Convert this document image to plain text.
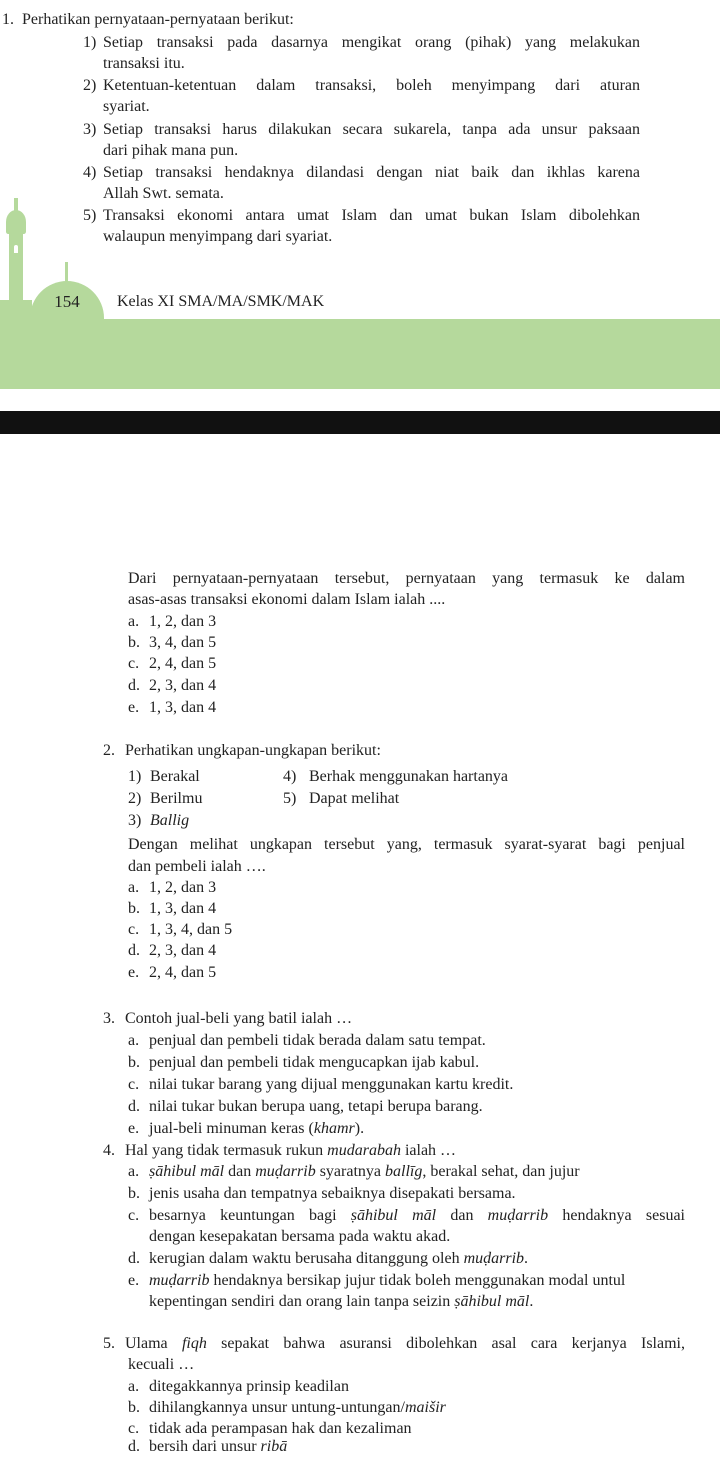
1. Perhatikan pernyataan-pernyataan berikut:
1) Setiap transaksi pada dasarnya mengikat orang (pihak) yang melakukan
transaksi itu.
2) Ketentuan-ketentuan dalam transaksi, boleh menyimpang dari aturan
syariat.
3) Setiap transaksi harus dilakukan secara sukarela, tanpa ada unsur paksaan
dari pihak mana pun.
4) Setiap transaksi hendaknya dilandasi dengan niat baik dan ikhlas karena
Allah Swt. semata.
5) Transaksi ekonomi antara umat Islam dan umat bukan Islam dibolehkan
walaupun menyimpang dari syariat.
154	Kelas XI SMA/MA/SMK/MAK
Dari pernyataan-pernyataan tersebut, pernyataan yang termasuk ke dalam
asas-asas transaksi ekonomi dalam Islam ialah ....
a. 1, 2, dan 3
b. 3, 4, dan 5
c. 2, 4, dan 5
d. 2, 3, dan 4
e. 1, 3, dan 4
2. Perhatikan ungkapan-ungkapan berikut:
1) Berakal	4) Berhak menggunakan hartanya
2) Berilmu	5) Dapat melihat
3) Ballig
Dengan melihat ungkapan tersebut yang, termasuk syarat-syarat bagi penjual
dan pembeli ialah ….
a. 1, 2, dan 3
b. 1, 3, dan 4
c. 1, 3, 4, dan 5
d. 2, 3, dan 4
e. 2, 4, dan 5
3. Contoh jual-beli yang batil ialah …
a. penjual dan pembeli tidak berada dalam satu tempat.
b. penjual dan pembeli tidak mengucapkan ijab kabul.
c. nilai tukar barang yang dijual menggunakan kartu kredit.
d. nilai tukar bukan berupa uang, tetapi berupa barang.
e. jual-beli minuman keras (khamr).
4. Hal yang tidak termasuk rukun mudarabah ialah …
a. ṣāhibul māl dan muḍarrib syaratnya ballīg, berakal sehat, dan jujur
b. jenis usaha dan tempatnya sebaiknya disepakati bersama.
c. besarnya keuntungan bagi ṣāhibul māl dan muḍarrib hendaknya sesuai
dengan kesepakatan bersama pada waktu akad.
d. kerugian dalam waktu berusaha ditanggung oleh muḍarrib.
e. muḍarrib hendaknya bersikap jujur tidak boleh menggunakan modal untul
kepentingan sendiri dan orang lain tanpa seizin ṣāhibul māl.
5. Ulama fiqh sepakat bahwa asuransi dibolehkan asal cara kerjanya Islami,
kecuali …
a. ditegakkannya prinsip keadilan
b. dihilangkannya unsur untung-untungan/maišir
c. tidak ada perampasan hak dan kezaliman
d. bersih dari unsur ribā
